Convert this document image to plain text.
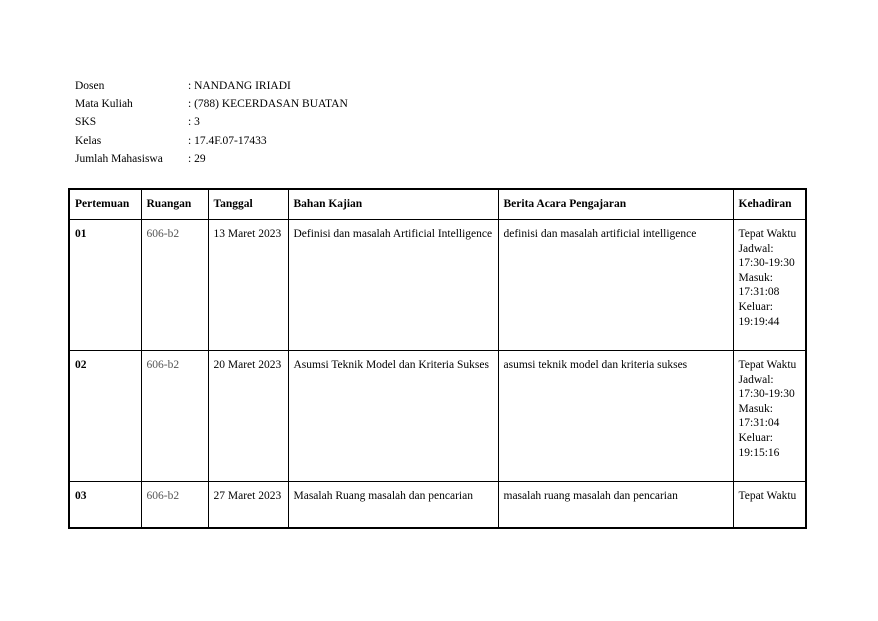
Dosen	: NANDANG IRIADI
Mata Kuliah	: (788) KECERDASAN BUATAN
SKS	: 3
Kelas	: 17.4F.07-17433
Jumlah Mahasiswa	: 29
Pertemuan	Ruangan	Tanggal	Bahan Kajian	Berita Acara Pengajaran	Kehadiran
01	606-b2	13 Maret 2023	Definisi dan masalah Artificial Intelligence	definisi dan masalah artificial intelligence	Tepat Waktu Jadwal: 17:30-19:30 Masuk: 17:31:08 Keluar: 19:19:44
02	606-b2	20 Maret 2023	Asumsi Teknik Model dan Kriteria Sukses	asumsi teknik model dan kriteria sukses	Tepat Waktu Jadwal: 17:30-19:30 Masuk: 17:31:04 Keluar: 19:15:16
03	606-b2	27 Maret 2023	Masalah Ruang masalah dan pencarian	masalah ruang masalah dan pencarian	Tepat Waktu
